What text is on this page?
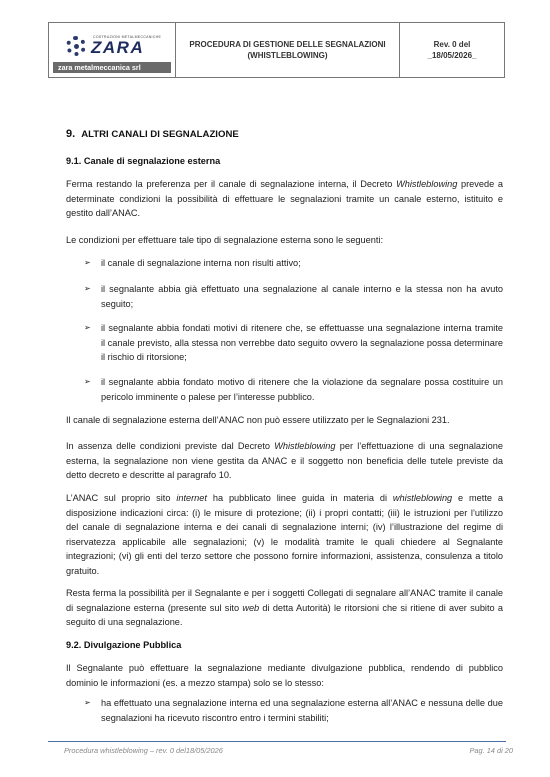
COSTRUZIONI METALMECCANICHE
ZARA
zara metalmeccanica srl
PROCEDURA DI GESTIONE DELLE SEGNALAZIONI
(WHISTLEBLOWING)
Rev. 0 del
_18/05/2026_
9. ALTRI CANALI DI SEGNALAZIONE
9.1. Canale di segnalazione esterna
Ferma restando la preferenza per il canale di segnalazione interna, il Decreto Whistleblowing prevede a
determinate condizioni la possibilità di effettuare le segnalazioni tramite un canale esterno, istituito e
gestito dall’ANAC.
Le condizioni per effettuare tale tipo di segnalazione esterna sono le seguenti:
➢ il canale di segnalazione interna non risulti attivo;
➢ il segnalante abbia già effettuato una segnalazione al canale interno e la stessa non ha avuto
seguito;
➢ il segnalante abbia fondati motivi di ritenere che, se effettuasse una segnalazione interna tramite
il canale previsto, alla stessa non verrebbe dato seguito ovvero la segnalazione possa determinare
il rischio di ritorsione;
➢ il segnalante abbia fondato motivo di ritenere che la violazione da segnalare possa costituire un
pericolo imminente o palese per l’interesse pubblico.
Il canale di segnalazione esterna dell’ANAC non può essere utilizzato per le Segnalazioni 231.
In assenza delle condizioni previste dal Decreto Whistleblowing per l’effettuazione di una segnalazione
esterna, la segnalazione non viene gestita da ANAC e il soggetto non beneficia delle tutele previste da
detto decreto e descritte al paragrafo 10.
L’ANAC sul proprio sito internet ha pubblicato linee guida in materia di whistleblowing e mette a
disposizione indicazioni circa: (i) le misure di protezione; (ii) i propri contatti; (iii) le istruzioni per l’utilizzo
del canale di segnalazione interna e dei canali di segnalazione interni; (iv) l’illustrazione del regime di
riservatezza applicabile alle segnalazioni; (v) le modalità tramite le quali chiedere al Segnalante
integrazioni; (vi) gli enti del terzo settore che possono fornire informazioni, assistenza, consulenza a titolo
gratuito.
Resta ferma la possibilità per il Segnalante e per i soggetti Collegati di segnalare all’ANAC tramite il canale
di segnalazione esterna (presente sul sito web di detta Autorità) le ritorsioni che si ritiene di aver subito a
seguito di una segnalazione.
9.2. Divulgazione Pubblica
Il Segnalante può effettuare la segnalazione mediante divulgazione pubblica, rendendo di pubblico
dominio le informazioni (es. a mezzo stampa) solo se lo stesso:
➢ ha effettuato una segnalazione interna ed una segnalazione esterna all’ANAC e nessuna delle due
segnalazioni ha ricevuto riscontro entro i termini stabiliti;
Procedura whistleblowing – rev. 0 del18/05/2026	Pag. 14 di 20
